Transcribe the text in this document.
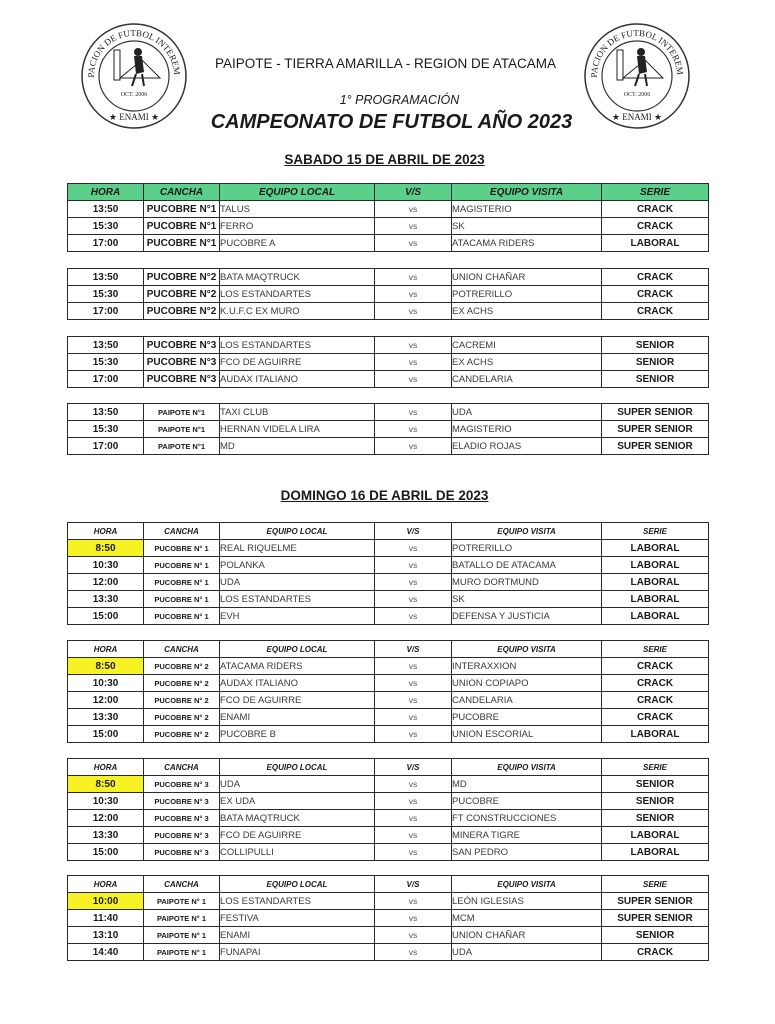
PACION DE FUTBOL INTEREM
OCT. 2006
★ ENAMI ★
PACION DE FUTBOL INTEREM
OCT. 2006
★ ENAMI ★
PAIPOTE - TIERRA AMARILLA - REGION DE ATACAMA
1° PROGRAMACIÓN
CAMPEONATO DE FUTBOL AÑO 2023
SABADO 15 DE ABRIL DE 2023
DOMINGO 16 DE ABRIL DE 2023
HORA	CANCHA	EQUIPO LOCAL	V/S	EQUIPO VISITA	SERIE
13:50	PUCOBRE N°1	TALUS	vs	MAGISTERIO	CRACK
15:30	PUCOBRE N°1	FERRO	vs	SK	CRACK
17:00	PUCOBRE N°1	PUCOBRE A	vs	ATACAMA RIDERS	LABORAL
13:50	PUCOBRE N°2	BATA MAQTRUCK	vs	UNION CHAÑAR	CRACK
15:30	PUCOBRE N°2	LOS ESTANDARTES	vs	POTRERILLO	CRACK
17:00	PUCOBRE N°2	K.U.F.C EX MURO	vs	EX ACHS	CRACK
13:50	PUCOBRE N°3	LOS ESTANDARTES	vs	CACREMI	SENIOR
15:30	PUCOBRE N°3	FCO DE AGUIRRE	vs	EX ACHS	SENIOR
17:00	PUCOBRE N°3	AUDAX ITALIANO	vs	CANDELARIA	SENIOR
13:50	PAIPOTE N°1	TAXI CLUB	vs	UDA	SUPER SENIOR
15:30	PAIPOTE N°1	HERNAN VIDELA LIRA	vs	MAGISTERIO	SUPER SENIOR
17:00	PAIPOTE N°1	MD	vs	ELADIO ROJAS	SUPER SENIOR
HORA	CANCHA	EQUIPO LOCAL	V/S	EQUIPO VISITA	SERIE
8:50	PUCOBRE N° 1	REAL RIQUELME	vs	POTRERILLO	LABORAL
10:30	PUCOBRE N° 1	POLANKA	vs	BATALLO DE ATACAMA	LABORAL
12:00	PUCOBRE N° 1	UDA	vs	MURO DORTMUND	LABORAL
13:30	PUCOBRE N° 1	LOS ESTANDARTES	vs	SK	LABORAL
15:00	PUCOBRE N° 1	EVH	vs	DEFENSA Y JUSTICIA	LABORAL
HORA	CANCHA	EQUIPO LOCAL	V/S	EQUIPO VISITA	SERIE
8:50	PUCOBRE N° 2	ATACAMA RIDERS	vs	INTERAXXION	CRACK
10:30	PUCOBRE N° 2	AUDAX ITALIANO	vs	UNION COPIAPO	CRACK
12:00	PUCOBRE N° 2	FCO DE AGUIRRE	vs	CANDELARIA	CRACK
13:30	PUCOBRE N° 2	ENAMI	vs	PUCOBRE	CRACK
15:00	PUCOBRE N° 2	PUCOBRE B	vs	UNION ESCORIAL	LABORAL
HORA	CANCHA	EQUIPO LOCAL	V/S	EQUIPO VISITA	SERIE
8:50	PUCOBRE N° 3	UDA	vs	MD	SENIOR
10:30	PUCOBRE N° 3	EX UDA	vs	PUCOBRE	SENIOR
12:00	PUCOBRE N° 3	BATA MAQTRUCK	vs	FT CONSTRUCCIONES	SENIOR
13:30	PUCOBRE N° 3	FCO DE AGUIRRE	vs	MINERA TIGRE	LABORAL
15:00	PUCOBRE N° 3	COLLIPULLI	vs	SAN PEDRO	LABORAL
HORA	CANCHA	EQUIPO LOCAL	V/S	EQUIPO VISITA	SERIE
10:00	PAIPOTE N° 1	LOS ESTANDARTES	vs	LEÓN IGLESIAS	SUPER SENIOR
11:40	PAIPOTE N° 1	FESTIVA	vs	MCM	SUPER SENIOR
13:10	PAIPOTE N° 1	ENAMI	vs	UNION CHAÑAR	SENIOR
14:40	PAIPOTE N° 1	FUNAPAI	vs	UDA	CRACK
